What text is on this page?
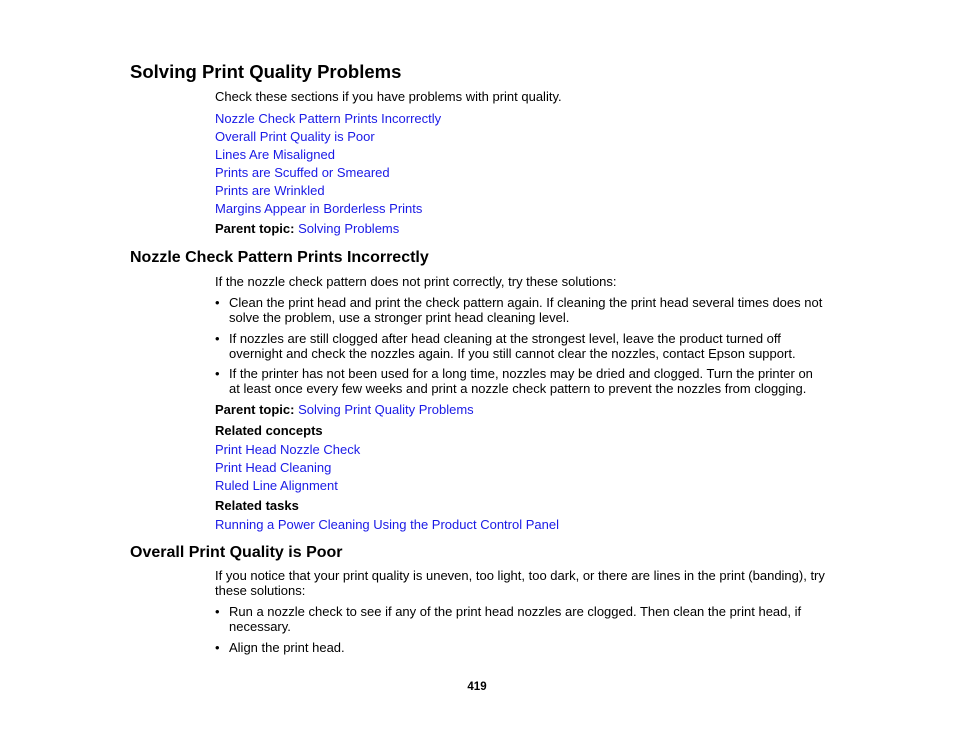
Solving Print Quality Problems
Check these sections if you have problems with print quality.
Nozzle Check Pattern Prints Incorrectly
Overall Print Quality is Poor
Lines Are Misaligned
Prints are Scuffed or Smeared
Prints are Wrinkled
Margins Appear in Borderless Prints
Parent topic: Solving Problems
Nozzle Check Pattern Prints Incorrectly
If the nozzle check pattern does not print correctly, try these solutions:
• Clean the print head and print the check pattern again. If cleaning the print head several times does not solve the problem, use a stronger print head cleaning level.
• If nozzles are still clogged after head cleaning at the strongest level, leave the product turned off overnight and check the nozzles again. If you still cannot clear the nozzles, contact Epson support.
• If the printer has not been used for a long time, nozzles may be dried and clogged. Turn the printer on at least once every few weeks and print a nozzle check pattern to prevent the nozzles from clogging.
Parent topic: Solving Print Quality Problems
Related concepts
Print Head Nozzle Check
Print Head Cleaning
Ruled Line Alignment
Related tasks
Running a Power Cleaning Using the Product Control Panel
Overall Print Quality is Poor
If you notice that your print quality is uneven, too light, too dark, or there are lines in the print (banding), try these solutions:
• Run a nozzle check to see if any of the print head nozzles are clogged. Then clean the print head, if necessary.
• Align the print head.
419
